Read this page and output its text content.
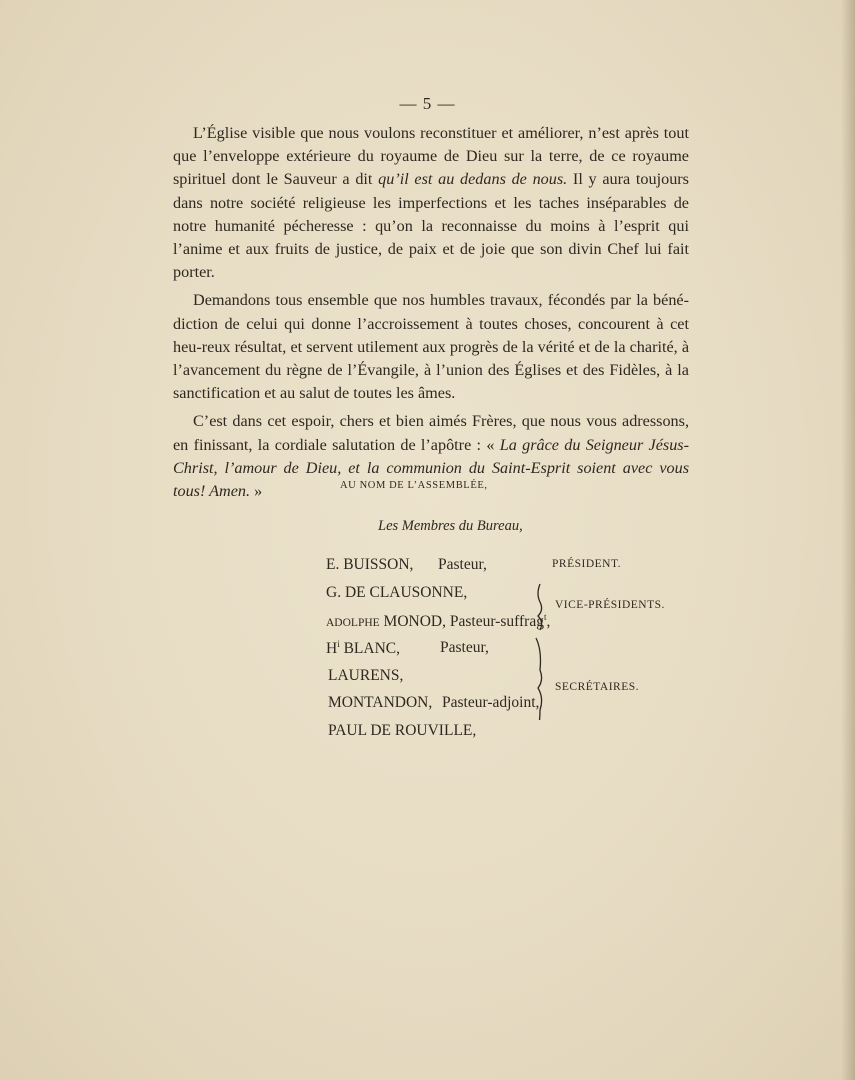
— 5 —

L’Église visible que nous voulons reconstituer et améliorer, n’est après tout que l’enveloppe extérieure du royaume de Dieu sur la terre, de ce royaume spirituel dont le Sauveur a dit qu’il est au dedans de nous. Il y aura toujours dans notre société religieuse les imperfections et les taches inséparables de notre humanité pécheresse : qu’on la reconnaisse du moins à l’esprit qui l’anime et aux fruits de justice, de paix et de joie que son divin Chef lui fait porter.

Demandons tous ensemble que nos humbles travaux, fécondés par la béné-diction de celui qui donne l’accroissement à toutes choses, concourent à cet heu-reux résultat, et servent utilement aux progrès de la vérité et de la charité, à l’avancement du règne de l’Évangile, à l’union des Églises et des Fidèles, à la sanctification et au salut de toutes les âmes.

C’est dans cet espoir, chers et bien aimés Frères, que nous vous adressons, en finissant, la cordiale salutation de l’apôtre : « La grâce du Seigneur Jésus-Christ, l’amour de Dieu, et la communion du Saint-Esprit soient avec vous tous! Amen. »	AU NOM DE L’ASSEMBLÉE,
Les Membres du Bureau,
E. BUISSON, Pasteur,
G. DE CLAUSONNE,
ADOLPHE MONOD, Pasteur-suffrag$^t$,
$H^i$ BLANC,	Pasteur,
LAURENS,
MONTANDON, Pasteur-adjoint,
PAUL DE ROUVILLE,
PRÉSIDENT.
VICE-PRÉSIDENTS.
SECRÉTAIRES.
